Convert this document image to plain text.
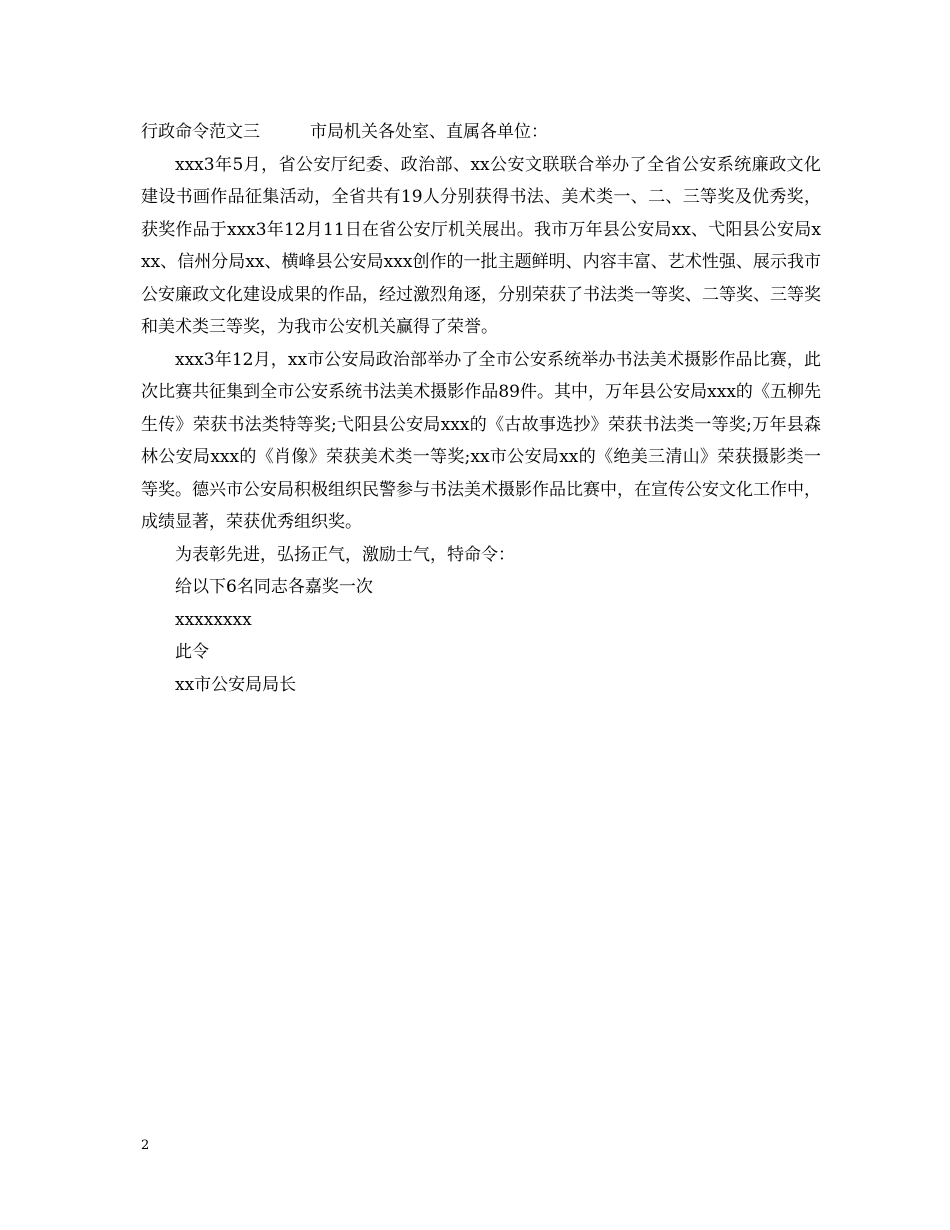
行政命令范文三	市局机关各处室、直属各单位：

xxx3年5月，省公安厅纪委、政治部、xx公安文联联合举办了全省公安系统廉政文化建设书画作品征集活动，全省共有19人分别获得书法、美术类一、二、三等奖及优秀奖，获奖作品于xxx3年12月11日在省公安厅机关展出。我市万年县公安局xx、弋阳县公安局xxx、信州分局xx、横峰县公安局xxx创作的一批主题鲜明、内容丰富、艺术性强、展示我市公安廉政文化建设成果的作品，经过激烈角逐，分别荣获了书法类一等奖、二等奖、三等奖和美术类三等奖，为我市公安机关赢得了荣誉。

xxx3年12月，xx市公安局政治部举办了全市公安系统举办书法美术摄影作品比赛，此次比赛共征集到全市公安系统书法美术摄影作品89件。其中，万年县公安局xxx的《五柳先生传》荣获书法类特等奖;弋阳县公安局xxx的《古故事选抄》荣获书法类一等奖;万年县森林公安局xxx的《肖像》荣获美术类一等奖;xx市公安局xx的《绝美三清山》荣获摄影类一等奖。德兴市公安局积极组织民警参与书法美术摄影作品比赛中，在宣传公安文化工作中，成绩显著，荣获优秀组织奖。

为表彰先进，弘扬正气，激励士气，特命令：

给以下6名同志各嘉奖一次

xxxxxxxx

此令

xx市公安局局长

2
